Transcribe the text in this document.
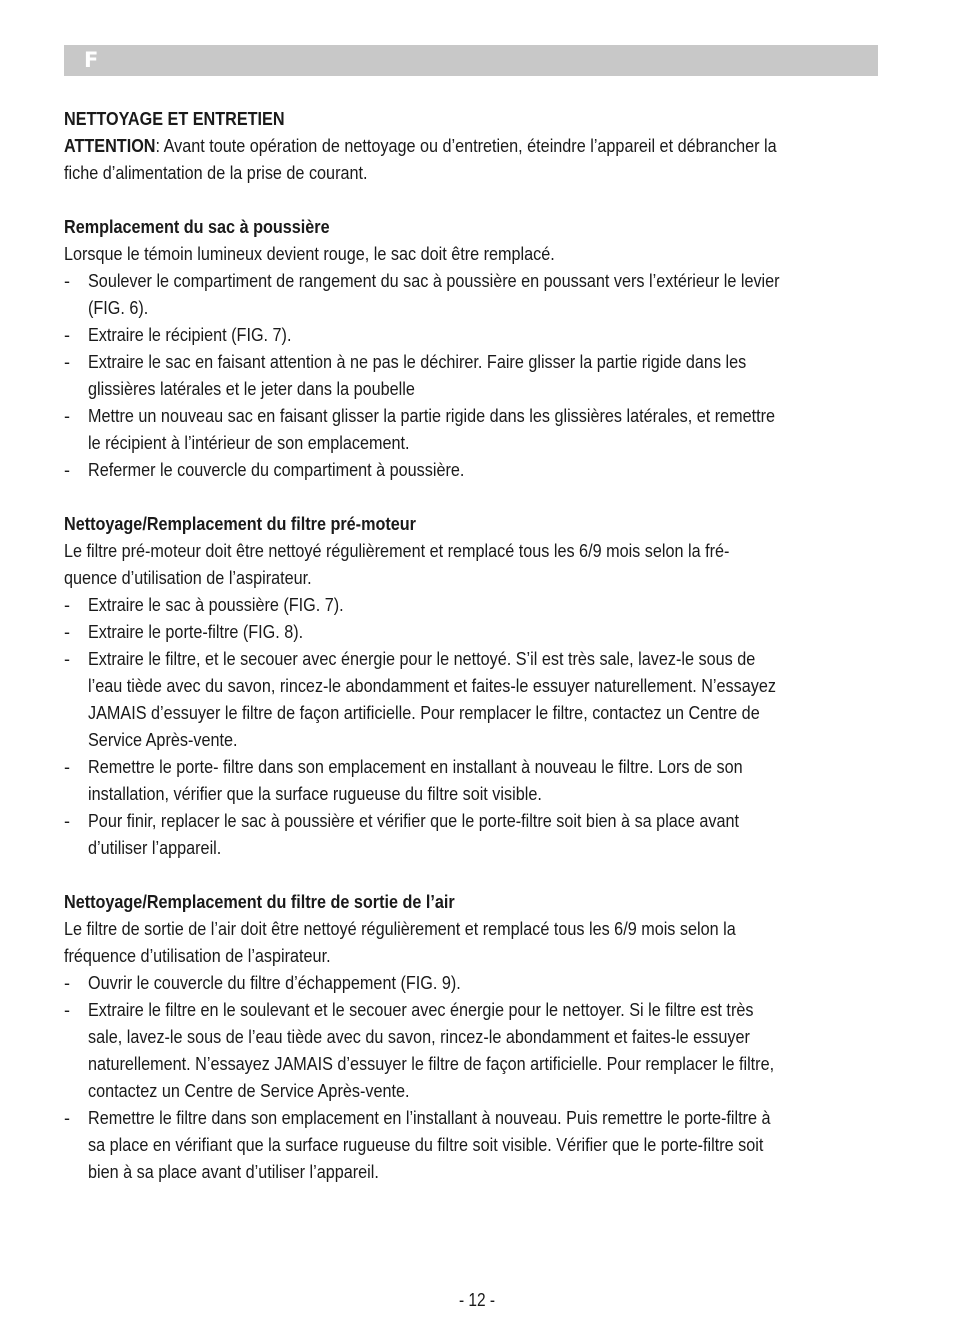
F
NETTOYAGE ET ENTRETIEN
ATTENTION: Avant toute opération de nettoyage ou d’entretien, éteindre l’appareil et débrancher la
fiche d’alimentation de la prise de courant.
Remplacement du sac à poussière
Lorsque le témoin lumineux devient rouge, le sac doit être remplacé.
- Soulever le compartiment de rangement du sac à poussière en poussant vers l’extérieur le levier
(FIG. 6).
- Extraire le récipient (FIG. 7).
- Extraire le sac en faisant attention à ne pas le déchirer. Faire glisser la partie rigide dans les
glissières latérales et le jeter dans la poubelle
- Mettre un nouveau sac en faisant glisser la partie rigide dans les glissières latérales, et remettre
le récipient à l’intérieur de son emplacement.
- Refermer le couvercle du compartiment à poussière.
Nettoyage/Remplacement du filtre pré-moteur
Le filtre pré-moteur doit être nettoyé régulièrement et remplacé tous les 6/9 mois selon la fré-
quence d’utilisation de l’aspirateur.
- Extraire le sac à poussière (FIG. 7).
- Extraire le porte-filtre (FIG. 8).
- Extraire le filtre, et le secouer avec énergie pour le nettoyé. S’il est très sale, lavez-le sous de
l’eau tiède avec du savon, rincez-le abondamment et faites-le essuyer naturellement. N’essayez
JAMAIS d’essuyer le filtre de façon artificielle. Pour remplacer le filtre, contactez un Centre de
Service Après-vente.
- Remettre le porte- filtre dans son emplacement en installant à nouveau le filtre. Lors de son
installation, vérifier que la surface rugueuse du filtre soit visible.
- Pour finir, replacer le sac à poussière et vérifier que le porte-filtre soit bien à sa place avant
d’utiliser l’appareil.
Nettoyage/Remplacement du filtre de sortie de l’air
Le filtre de sortie de l’air doit être nettoyé régulièrement et remplacé tous les 6/9 mois selon la
fréquence d’utilisation de l’aspirateur.
- Ouvrir le couvercle du filtre d’échappement (FIG. 9).
- Extraire le filtre en le soulevant et le secouer avec énergie pour le nettoyer. Si le filtre est très
sale, lavez-le sous de l’eau tiède avec du savon, rincez-le abondamment et faites-le essuyer
naturellement. N’essayez JAMAIS d’essuyer le filtre de façon artificielle. Pour remplacer le filtre,
contactez un Centre de Service Après-vente.
- Remettre le filtre dans son emplacement en l’installant à nouveau. Puis remettre le porte-filtre à
sa place en vérifiant que la surface rugueuse du filtre soit visible. Vérifier que le porte-filtre soit
bien à sa place avant d’utiliser l’appareil.
- 12 -
